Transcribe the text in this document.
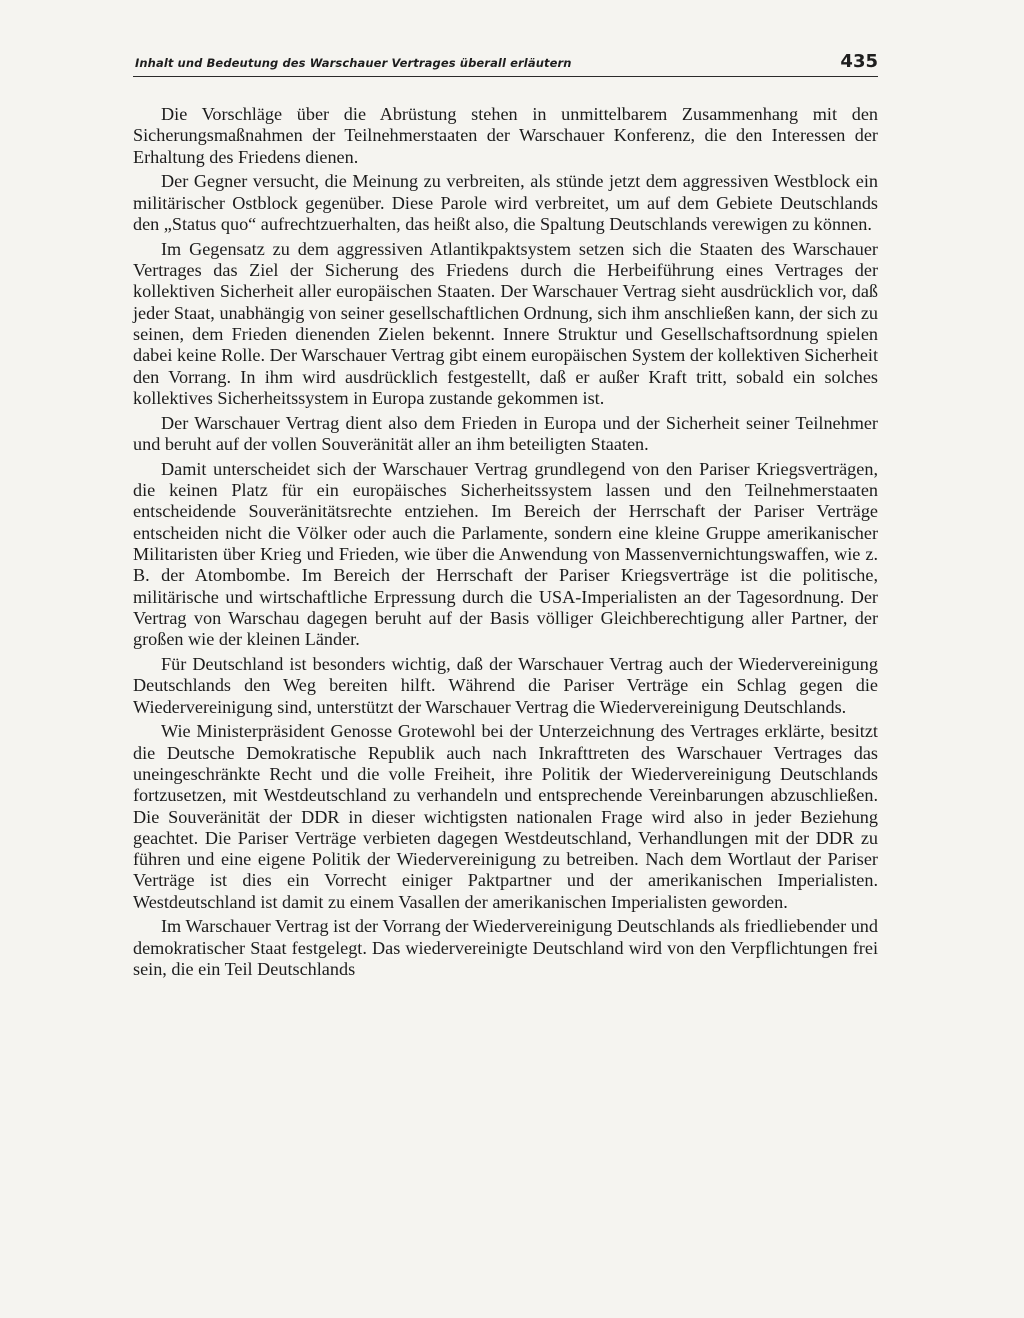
Inhalt und Bedeutung des Warschauer Vertrages überall erläutern	435

Die Vorschläge über die Abrüstung stehen in unmittelbarem Zusammenhang mit den Sicherungsmaßnahmen der Teilnehmerstaaten der Warschauer Konferenz, die den Interessen der Erhaltung des Friedens dienen.

Der Gegner versucht, die Meinung zu verbreiten, als stünde jetzt dem aggressiven Westblock ein militärischer Ostblock gegenüber. Diese Parole wird verbreitet, um auf dem Gebiete Deutschlands den „Status quo“ aufrechtzuerhalten, das heißt also, die Spaltung Deutschlands verewigen zu können.

Im Gegensatz zu dem aggressiven Atlantikpaktsystem setzen sich die Staaten des Warschauer Vertrages das Ziel der Sicherung des Friedens durch die Herbeiführung eines Vertrages der kollektiven Sicherheit aller europäischen Staaten. Der Warschauer Vertrag sieht ausdrücklich vor, daß jeder Staat, unabhängig von seiner gesellschaftlichen Ordnung, sich ihm anschließen kann, der sich zu seinen, dem Frieden dienenden Zielen bekennt. Innere Struktur und Gesellschaftsordnung spielen dabei keine Rolle. Der Warschauer Vertrag gibt einem europäischen System der kollektiven Sicherheit den Vorrang. In ihm wird ausdrücklich festgestellt, daß er außer Kraft tritt, sobald ein solches kollektives Sicherheitssystem in Europa zustande gekommen ist.

Der Warschauer Vertrag dient also dem Frieden in Europa und der Sicherheit seiner Teilnehmer und beruht auf der vollen Souveränität aller an ihm beteiligten Staaten.

Damit unterscheidet sich der Warschauer Vertrag grundlegend von den Pariser Kriegsverträgen, die keinen Platz für ein europäisches Sicherheitssystem lassen und den Teilnehmerstaaten entscheidende Souveränitätsrechte entziehen. Im Bereich der Herrschaft der Pariser Verträge entscheiden nicht die Völker oder auch die Parlamente, sondern eine kleine Gruppe amerikanischer Militaristen über Krieg und Frieden, wie über die Anwendung von Massenvernichtungswaffen, wie z. B. der Atombombe. Im Bereich der Herrschaft der Pariser Kriegsverträge ist die politische, militärische und wirtschaftliche Erpressung durch die USA-Imperialisten an der Tagesordnung. Der Vertrag von Warschau dagegen beruht auf der Basis völliger Gleichberechtigung aller Partner, der großen wie der kleinen Länder.

Für Deutschland ist besonders wichtig, daß der Warschauer Vertrag auch der Wiedervereinigung Deutschlands den Weg bereiten hilft. Während die Pariser Verträge ein Schlag gegen die Wiedervereinigung sind, unterstützt der Warschauer Vertrag die Wiedervereinigung Deutschlands.

Wie Ministerpräsident Genosse Grotewohl bei der Unterzeichnung des Vertrages erklärte, besitzt die Deutsche Demokratische Republik auch nach Inkrafttreten des Warschauer Vertrages das uneingeschränkte Recht und die volle Freiheit, ihre Politik der Wiedervereinigung Deutschlands fortzusetzen, mit Westdeutschland zu verhandeln und entsprechende Vereinbarungen abzuschließen. Die Souveränität der DDR in dieser wichtigsten nationalen Frage wird also in jeder Beziehung geachtet. Die Pariser Verträge verbieten dagegen Westdeutschland, Verhandlungen mit der DDR zu führen und eine eigene Politik der Wiedervereinigung zu betreiben. Nach dem Wortlaut der Pariser Verträge ist dies ein Vorrecht einiger Paktpartner und der amerikanischen Imperialisten. Westdeutschland ist damit zu einem Vasallen der amerikanischen Imperialisten geworden.

Im Warschauer Vertrag ist der Vorrang der Wiedervereinigung Deutschlands als friedliebender und demokratischer Staat festgelegt. Das wiedervereinigte Deutschland wird von den Verpflichtungen frei sein, die ein Teil Deutschlands
